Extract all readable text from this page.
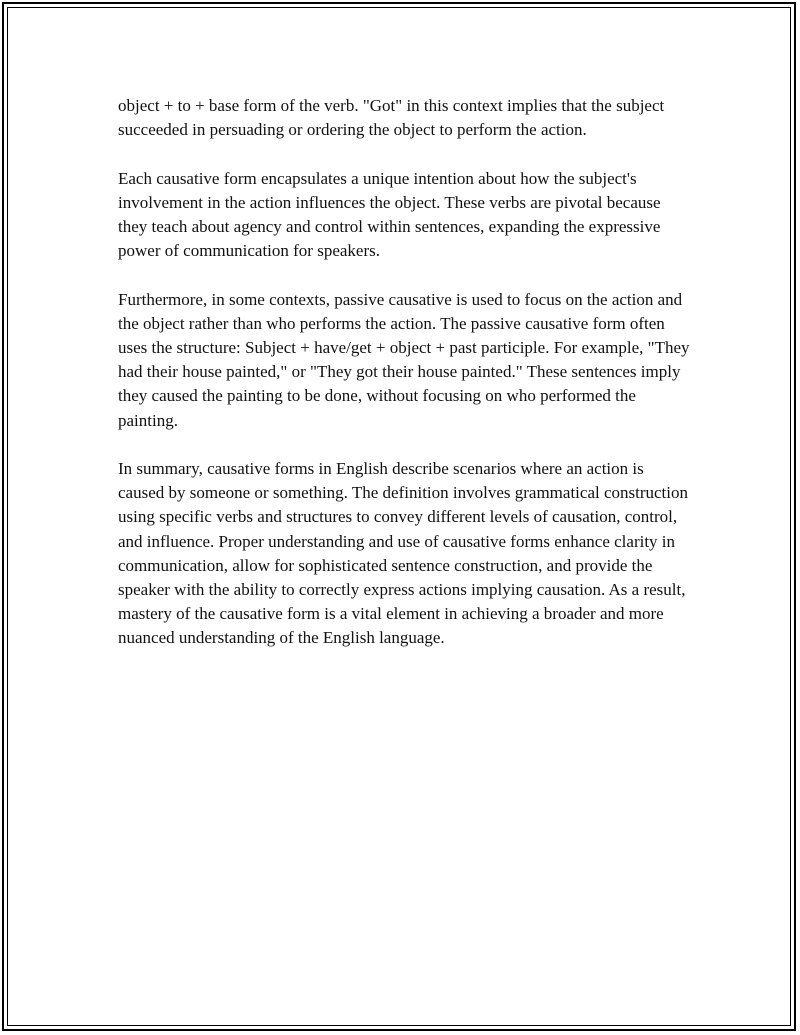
object + to + base form of the verb. "Got" in this context implies that the subject succeeded in persuading or ordering the object to perform the action.

Each causative form encapsulates a unique intention about how the subject's involvement in the action influences the object. These verbs are pivotal because they teach about agency and control within sentences, expanding the expressive power of communication for speakers.

Furthermore, in some contexts, passive causative is used to focus on the action and the object rather than who performs the action. The passive causative form often uses the structure: Subject + have/get + object + past participle. For example, "They had their house painted," or "They got their house painted." These sentences imply they caused the painting to be done, without focusing on who performed the painting.

In summary, causative forms in English describe scenarios where an action is caused by someone or something. The definition involves grammatical construction using specific verbs and structures to convey different levels of causation, control, and influence. Proper understanding and use of causative forms enhance clarity in communication, allow for sophisticated sentence construction, and provide the speaker with the ability to correctly express actions implying causation. As a result, mastery of the causative form is a vital element in achieving a broader and more nuanced understanding of the English language.
